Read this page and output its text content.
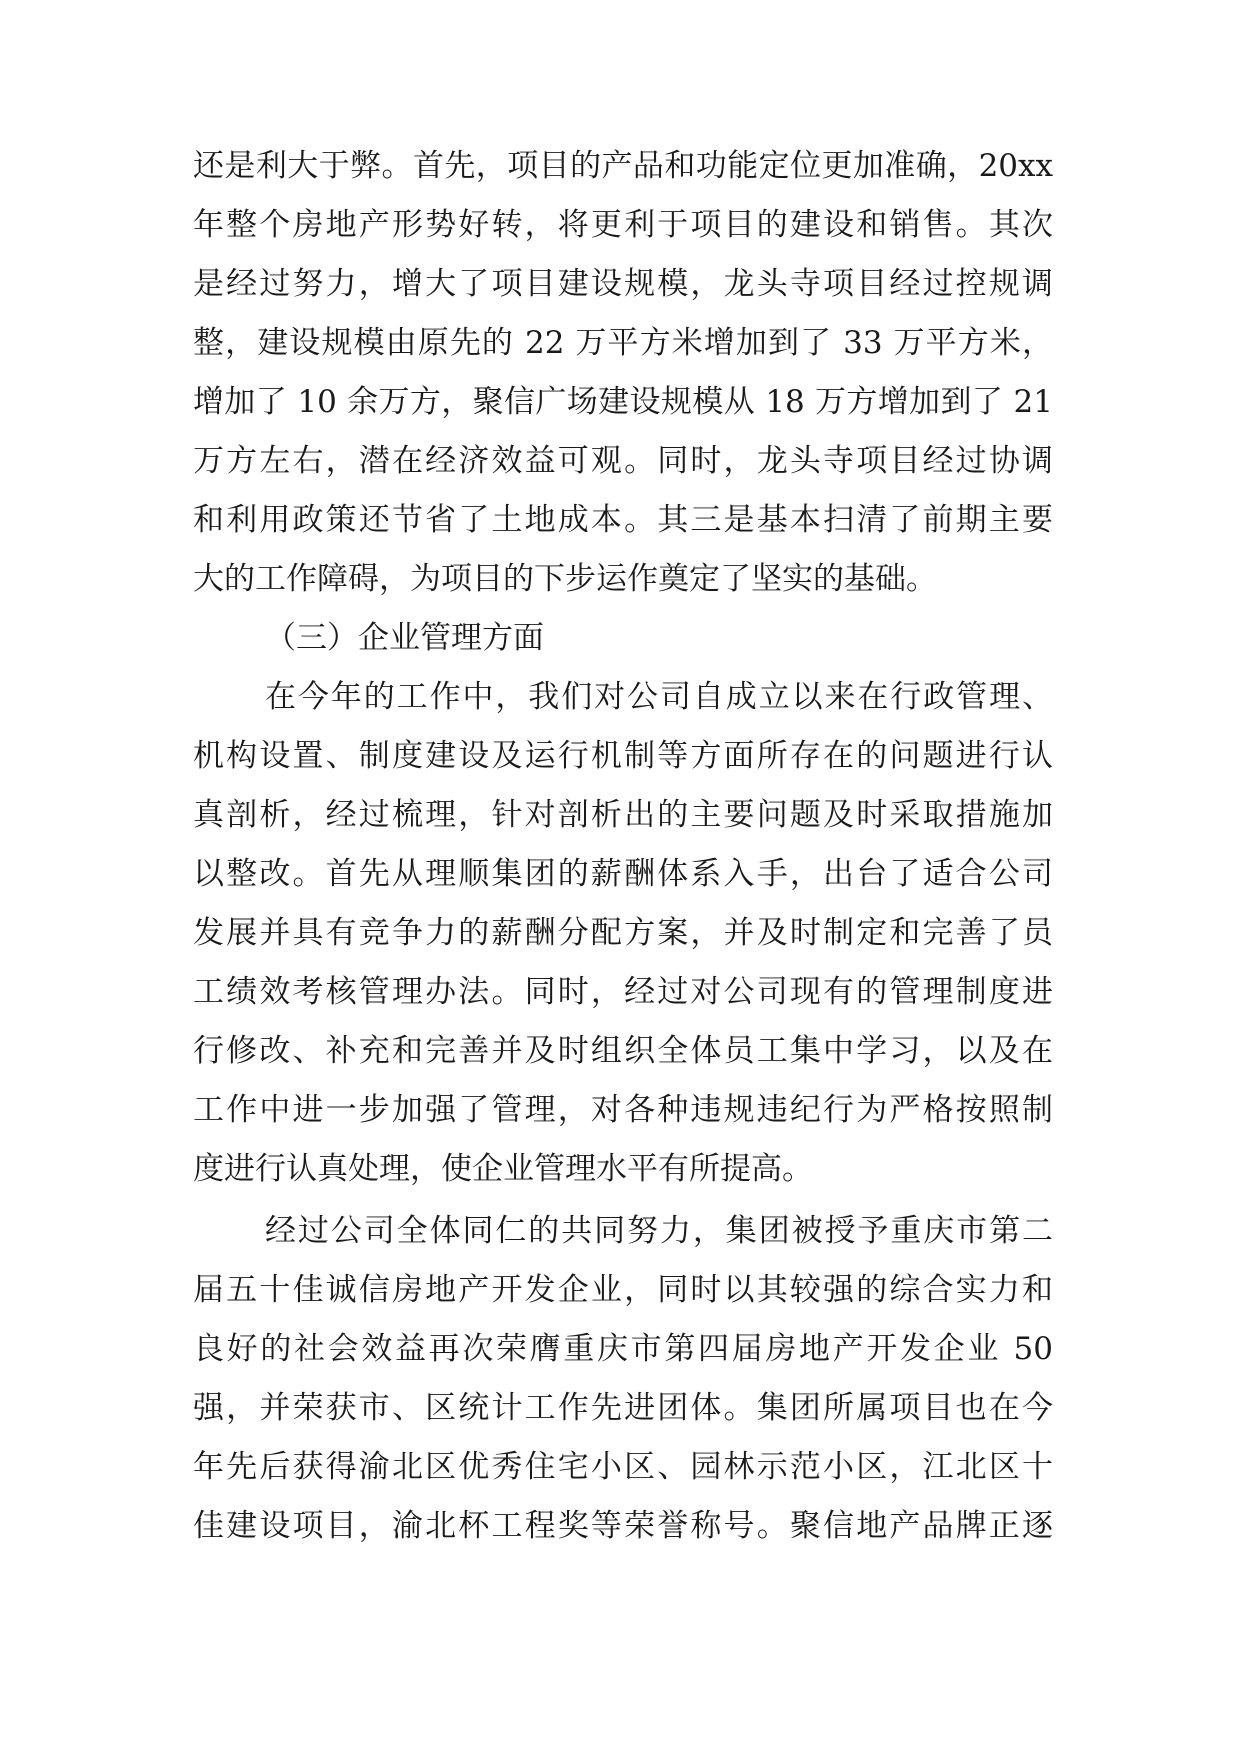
还是利大于弊。首先，项目的产品和功能定位更加准确，20xx
年整个房地产形势好转，将更利于项目的建设和销售。其次
是经过努力，增大了项目建设规模，龙头寺项目经过控规调
整，建设规模由原先的 22 万平方米增加到了 33 万平方米，
增加了 10 余万方，聚信广场建设规模从 18 万方增加到了 21
万方左右，潜在经济效益可观。同时，龙头寺项目经过协调
和利用政策还节省了土地成本。其三是基本扫清了前期主要
大的工作障碍，为项目的下步运作奠定了坚实的基础。
（三）企业管理方面
在今年的工作中，我们对公司自成立以来在行政管理、
机构设置、制度建设及运行机制等方面所存在的问题进行认
真剖析，经过梳理，针对剖析出的主要问题及时采取措施加
以整改。首先从理顺集团的薪酬体系入手，出台了适合公司
发展并具有竞争力的薪酬分配方案，并及时制定和完善了员
工绩效考核管理办法。同时，经过对公司现有的管理制度进
行修改、补充和完善并及时组织全体员工集中学习，以及在
工作中进一步加强了管理，对各种违规违纪行为严格按照制
度进行认真处理，使企业管理水平有所提高。
经过公司全体同仁的共同努力，集团被授予重庆市第二
届五十佳诚信房地产开发企业，同时以其较强的综合实力和
良好的社会效益再次荣膺重庆市第四届房地产开发企业 50
强，并荣获市、区统计工作先进团体。集团所属项目也在今
年先后获得渝北区优秀住宅小区、园林示范小区，江北区十
佳建设项目，渝北杯工程奖等荣誉称号。聚信地产品牌正逐
